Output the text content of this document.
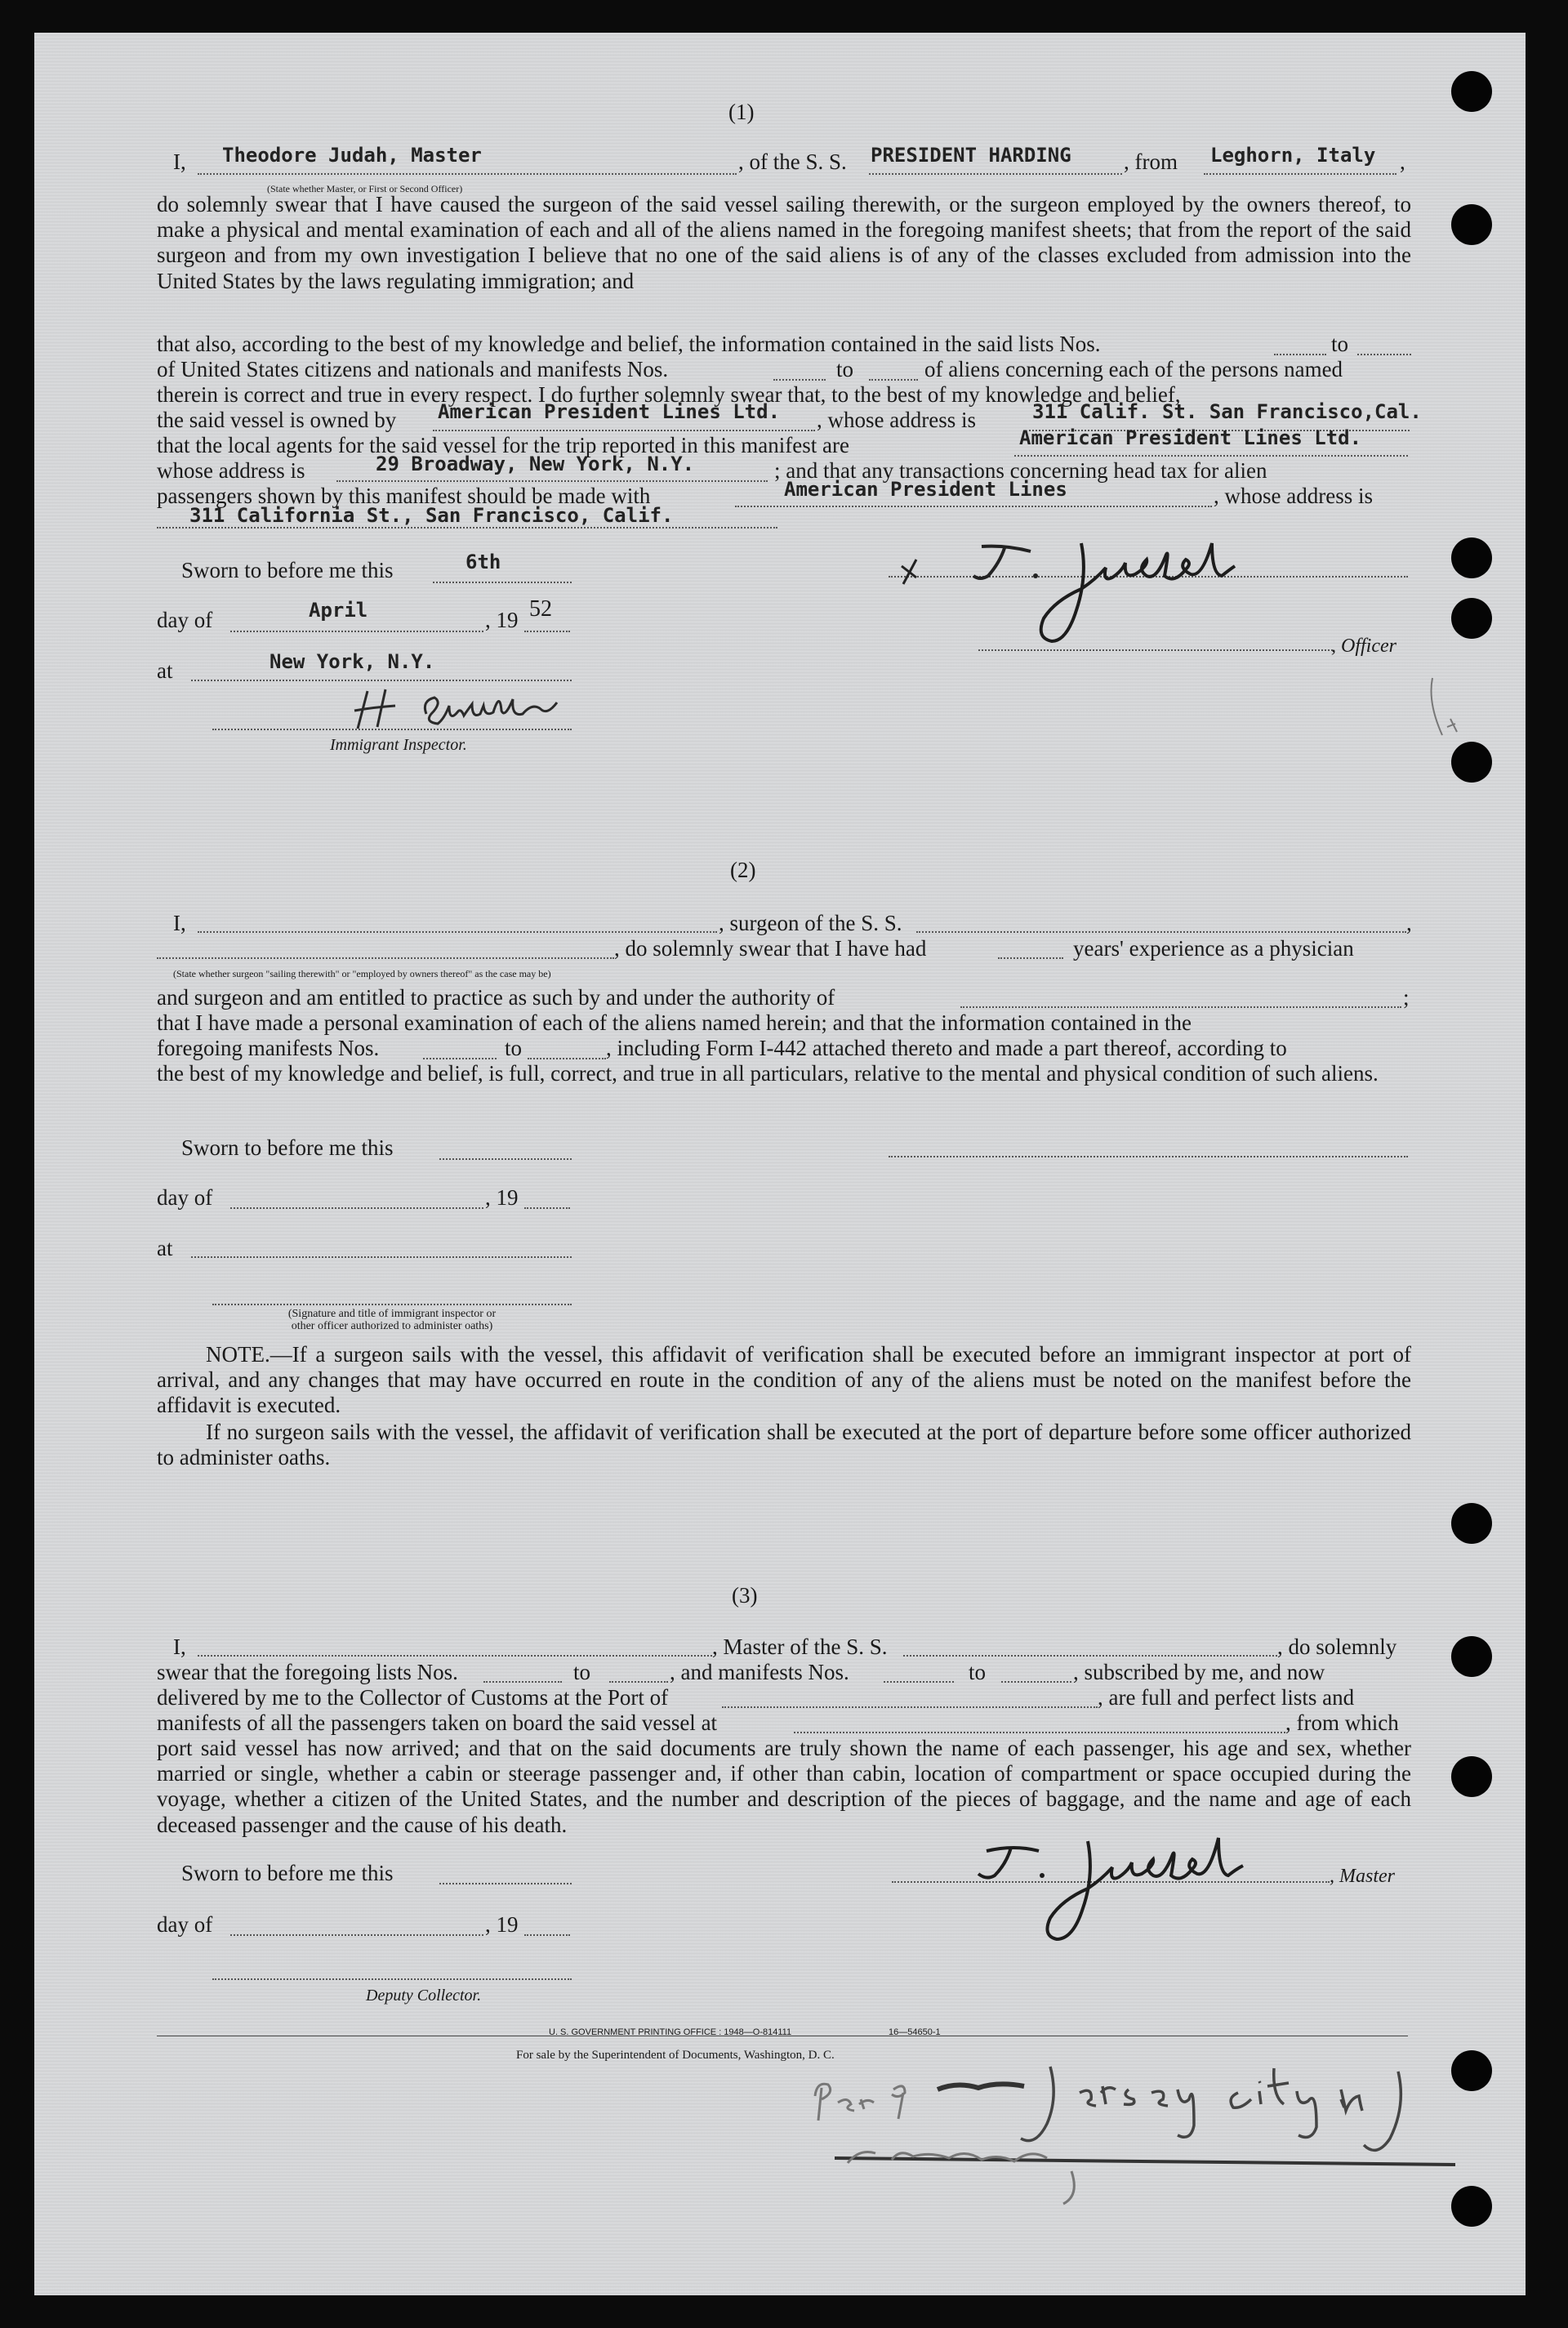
(1)
I, Theodore Judah, Master
(State whether Master, or First or Second Officer)
, of the S. S. PRESIDENT HARDING , from Leghorn, Italy ,
do solemnly swear that I have caused the surgeon of the said vessel sailing therewith, or the surgeon employed by the owners thereof, to make a physical and mental examination of each and all of the aliens named in the foregoing manifest sheets; that from the report of the said surgeon and from my own investigation I believe that no one of the said aliens is of any of the classes excluded from admission into the United States by the laws regulating immigration; and
that also, according to the best of my knowledge and belief, the information contained in the said lists Nos.	to
of United States citizens and nationals and manifests Nos.	to	of aliens concerning each of the persons named
therein is correct and true in every respect. I do further solemnly swear that, to the best of my knowledge and belief,
the said vessel is owned by American President Lines Ltd. , whose address is	311 Calif. St. San Francisco,Cal.
that the local agents for the said vessel for the trip reported in this manifest are	American President Lines Ltd.
whose address is	29 Broadway, New York, N.Y.	; and that any transactions concerning head tax for alien
passengers shown by this manifest should be made with	American President Lines	, whose address is
311 California St., San Francisco, Calif.
Sworn to before me this	6th
day of	April	, 19 52
at	New York, N.Y.
Immigrant Inspector.
, Officer
(2)
I,	, surgeon of the S. S.	,
, do solemnly swear that I have had	years' experience as a physician
(State whether surgeon "sailing therewith" or "employed by owners thereof" as the case may be)
and surgeon and am entitled to practice as such by and under the authority of	;
that I have made a personal examination of each of the aliens named herein; and that the information contained in the
foregoing manifests Nos.	to	, including Form I-442 attached thereto and made a part thereof, according to
the best of my knowledge and belief, is full, correct, and true in all particulars, relative to the mental and physical condition of such aliens.
Sworn to before me this
day of	, 19
at
(Signature and title of immigrant inspector or
other officer authorized to administer oaths)
NOTE.—If a surgeon sails with the vessel, this affidavit of verification shall be executed before an immigrant inspector at port of arrival, and any changes that may have occurred en route in the condition of any of the aliens must be noted on the manifest before the affidavit is executed.
If no surgeon sails with the vessel, the affidavit of verification shall be executed at the port of departure before some officer authorized to administer oaths.
(3)
I,	, Master of the S. S.	, do solemnly
swear that the foregoing lists Nos.	to	, and manifests Nos.	to	, subscribed by me, and now
delivered by me to the Collector of Customs at the Port of	, are full and perfect lists and
manifests of all the passengers taken on board the said vessel at	, from which
port said vessel has now arrived; and that on the said documents are truly shown the name of each passenger, his age and sex, whether married or single, whether a cabin or steerage passenger and, if other than cabin, location of compartment or space occupied during the voyage, whether a citizen of the United States, and the number and description of the pieces of baggage, and the name and age of each deceased passenger and the cause of his death.
Sworn to before me this	, Master
day of	, 19
Deputy Collector.
U. S. GOVERNMENT PRINTING OFFICE : 1948—O-814111	16—54650-1
For sale by the Superintendent of Documents, Washington, D. C.
